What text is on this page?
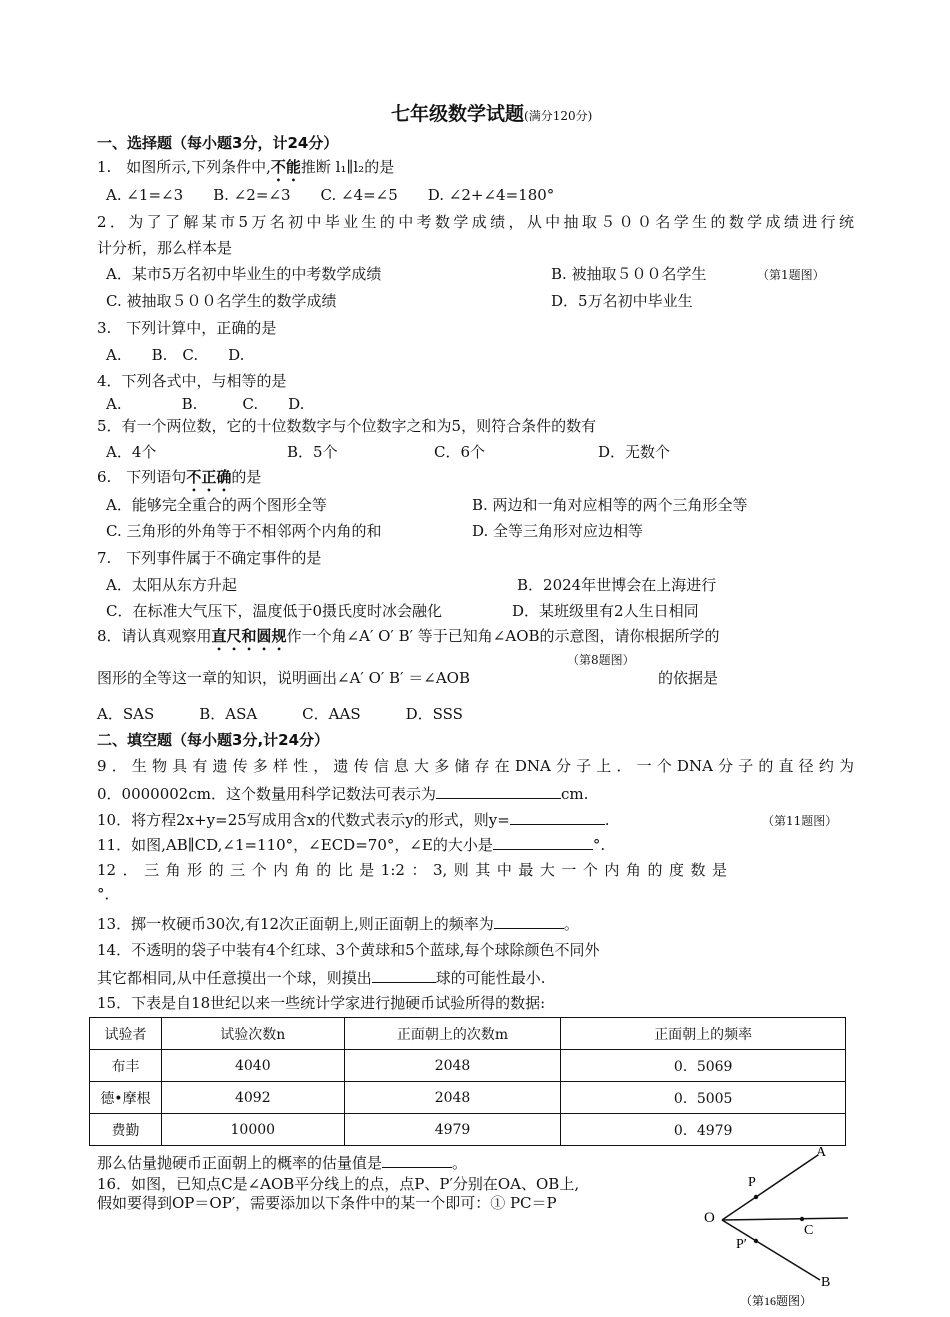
七年级数学试题(满分120分)
一、选择题（每小题3分，计24分）
1.　如图所示,下列条件中,不能推断 l₁∥l₂的是
A. ∠1=∠3　　B. ∠2=∠3　　C. ∠4=∠5　　D. ∠2+∠4=180°
2．为了了解某市5万名初中毕业生的中考数学成绩，从中抽取５００名学生的数学成绩进行统
计分析，那么样本是
A．某市5万名初中毕业生的中考数学成绩	B. 被抽取５００名学生	（第1题图）
C. 被抽取５００名学生的数学成绩	D．5万名初中毕业生
3.　下列计算中，正确的是
A.　　B.　C.　　D.
4．下列各式中，与相等的是
A.　　　　B.　　　C.　　D.
5．有一个两位数，它的十位数数字与个位数字之和为5，则符合条件的数有
A．4个	B．5个	C．6个	D．无数个
6.　下列语句不正确的是
A．能够完全重合的两个图形全等	B. 两边和一角对应相等的两个三角形全等
C. 三角形的外角等于不相邻两个内角的和	D. 全等三角形对应边相等
7.　下列事件属于不确定事件的是
A．太阳从东方升起	B．2024年世博会在上海进行
C．在标准大气压下，温度低于0摄氏度时冰会融化	D．某班级里有2人生日相同
8．请认真观察用直尺和圆规作一个角∠A′ O′ B′ 等于已知角∠AOB的示意图，请你根据所学的
（第8题图）
图形的全等这一章的知识，说明画出∠A′ O′ B′ ＝∠AOB	的依据是
A．SAS　　　B．ASA　　　C．AAS　　　D．SSS
二、填空题（每小题3分,计24分）
9．生物具有遗传多样性，遗传信息大多储存在DNA分子上．一个DNA分子的直径约为
0．0000002cm．这个数量用科学记数法可表示为	cm.
10．将方程2x+y=25写成用含x的代数式表示y的形式，则y=	.	（第11题图）
11．如图,AB∥CD,∠1=110°，∠ECD=70°，∠E的大小是	°.
12．三角形的三个内角的比是1:2：3,则其中最大一个内角的度数是
°．
13．掷一枚硬币30次,有12次正面朝上,则正面朝上的频率为	。
14．不透明的袋子中装有4个红球、3个黄球和5个蓝球,每个球除颜色不同外
其它都相同,从中任意摸出一个球，则摸出	球的可能性最小.
15．下表是自18世纪以来一些统计学家进行抛硬币试验所得的数据:
试验者	试验次数n	正面朝上的次数m	正面朝上的频率
布丰	4040	2048	0．5069
德•摩根	4092	2048	0．5005
费勤	10000	4979	0．4979
那么估量抛硬币正面朝上的概率的估量值是	。
16．如图，已知点C是∠AOB平分线上的点，点P、P′分别在OA、OB上,
假如要得到OP＝OP′，需要添加以下条件中的某一个即可：① PC＝P
A
B
O
P
P′
C
（第16题图）
